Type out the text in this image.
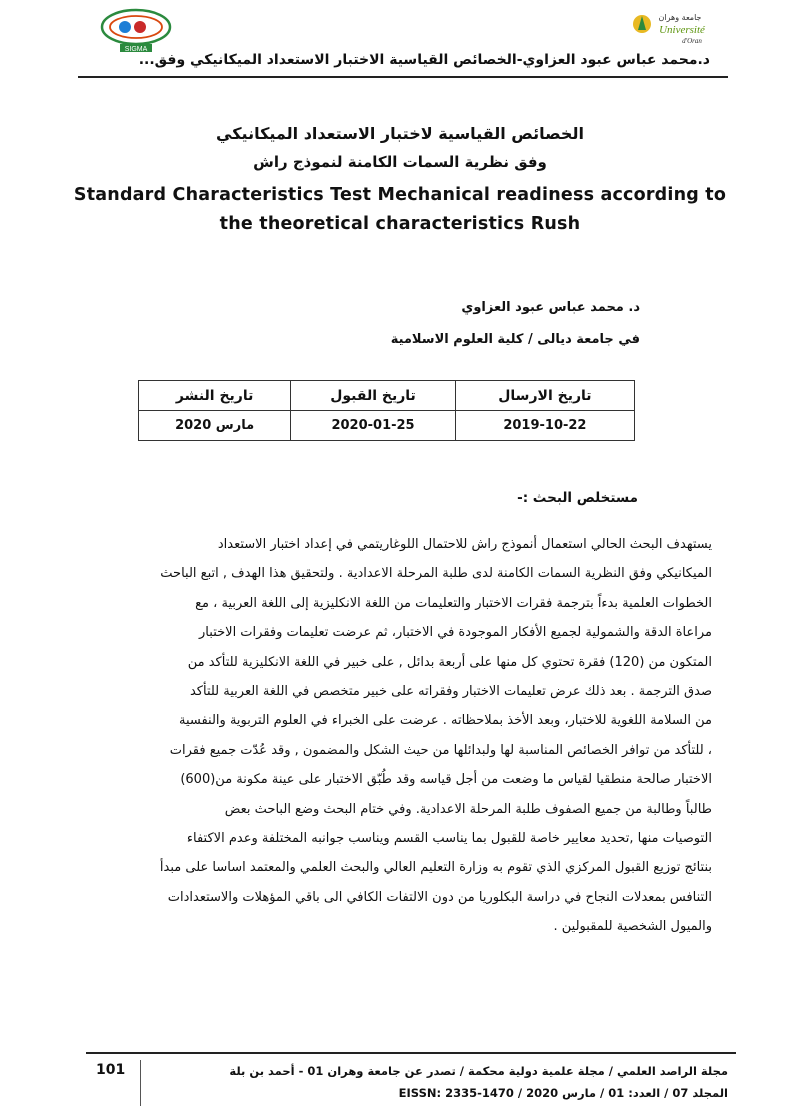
SIGMA
جامعة وهران
Université
d'Oran
د.محمد عباس عبود العزاوي-الخصائص القياسية الاختبار الاستعداد الميكانيكي وفق...
الخصائص القياسية لاختبار الاستعداد الميكانيكي
وفق نظرية السمات الكامنة لنموذج راش
Standard Characteristics Test Mechanical readiness according to
the theoretical characteristics Rush
د. محمد عباس عبود العزاوي
في جامعة ديالى / كلية العلوم الاسلامية
تاريخ الارسال	تاريخ القبول	تاريخ النشر
2019-10-22	2020-01-25	مارس 2020
مستخلص البحث :-
يستهدف البحث الحالي استعمال أنموذج راش للاحتمال اللوغاريتمي في إعداد اختبار الاستعداد
الميكانيكي وفق النظرية السمات الكامنة لدى طلبة المرحلة الاعدادية . ولتحقيق هذا الهدف , اتبع الباحث
الخطوات العلمية بدءاً بترجمة فقرات الاختبار والتعليمات من اللغة الانكليزية إلى اللغة العربية ، مع
مراعاة الدقة والشمولية لجميع الأفكار الموجودة في الاختبار، ثم عرضت تعليمات وفقرات الاختبار
المتكون من (120) فقرة تحتوي كل منها على أربعة بدائل , على خبير في اللغة الانكليزية للتأكد من
صدق الترجمة . بعد ذلك عرض تعليمات الاختبار وفقراته على خبير متخصص في اللغة العربية للتأكد
من السلامة اللغوية للاختبار، وبعد الأخذ بملاحظاته . عرضت على الخبراء في العلوم التربوية والنفسية
، للتأكد من توافر الخصائص المناسبة لها ولبدائلها من حيث الشكل والمضمون , وقد عُدّت جميع فقرات
الاختبار صالحة منطقيا لقياس ما وضعت من أجل قياسه وقد طُبّق الاختبار على عينة مكونة من(600)
طالباً وطالبة من جميع الصفوف طلبة المرحلة الاعدادية. وفي ختام البحث وضع الباحث بعض
التوصيات منها ,تحديد معايير خاصة للقبول بما يناسب القسم ويناسب جوانبه المختلفة وعدم الاكتفاء
بنتائج توزيع القبول المركزي الذي تقوم به وزارة التعليم العالي والبحث العلمي والمعتمد اساسا على مبدأ
التنافس بمعدلات النجاح في دراسة البكلوريا من دون الالتفات الكافي الى باقي المؤهلات والاستعدادات
والميول الشخصية للمقبولين .
101	مجلة الراصد العلمي / مجلة علمية دولية محكمة / تصدر عن جامعة وهران 01 - أحمد بن بلة
المجلد 07 / العدد: 01 / مارس 2020 / EISSN: 2335-1470
